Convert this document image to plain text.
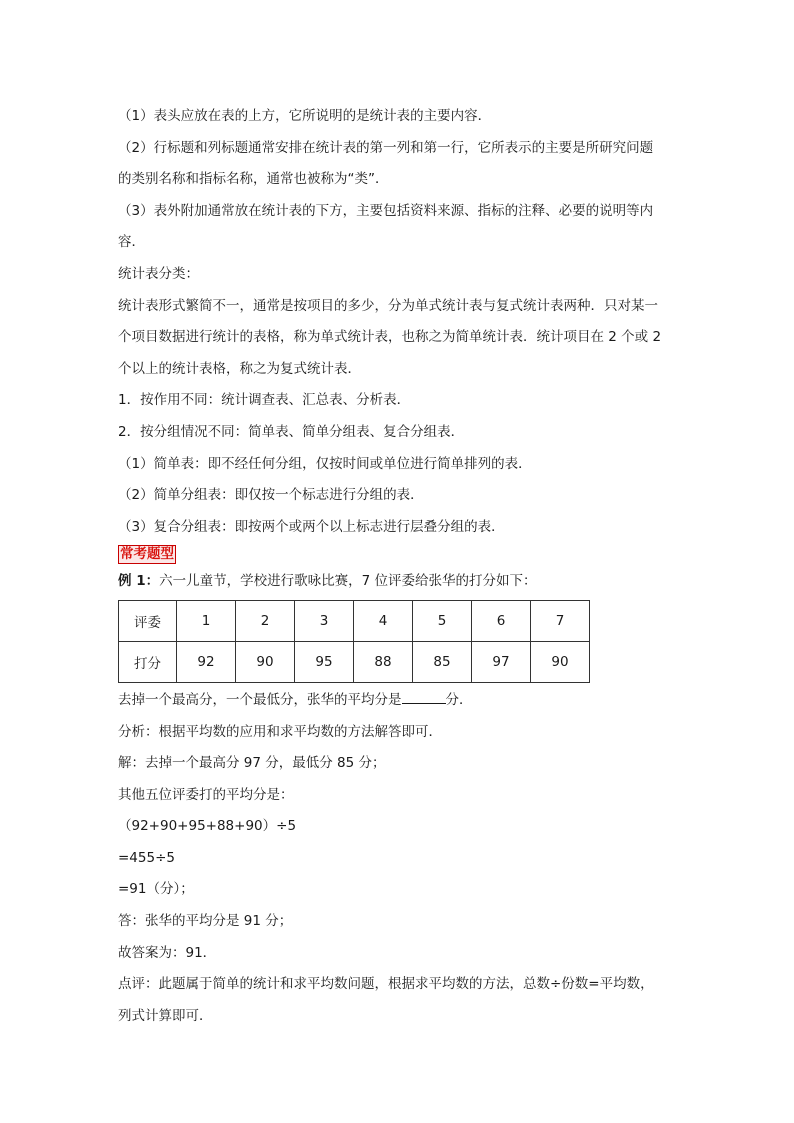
（1）表头应放在表的上方，它所说明的是统计表的主要内容．

（2）行标题和列标题通常安排在统计表的第一列和第一行，它所表示的主要是所研究问题

的类别名称和指标名称，通常也被称为“类”．

（3）表外附加通常放在统计表的下方，主要包括资料来源、指标的注释、必要的说明等内

容．

统计表分类：

统计表形式繁简不一，通常是按项目的多少，分为单式统计表与复式统计表两种．只对某一

个项目数据进行统计的表格，称为单式统计表，也称之为简单统计表．统计项目在 2 个或 2

个以上的统计表格，称之为复式统计表．

1．按作用不同：统计调查表、汇总表、分析表．

2．按分组情况不同：简单表、简单分组表、复合分组表．

（1）简单表：即不经任何分组，仅按时间或单位进行简单排列的表．

（2）简单分组表：即仅按一个标志进行分组的表．

（3）复合分组表：即按两个或两个以上标志进行层叠分组的表．

常考题型

例 1：六一儿童节，学校进行歌咏比赛，7 位评委给张华的打分如下：

评委	1	2	3	4	5	6	7
打分	92	90	95	88	85	97	90

去掉一个最高分，一个最低分，张华的平均分是	分．

分析：根据平均数的应用和求平均数的方法解答即可．

解：去掉一个最高分 97 分，最低分 85 分；

其他五位评委打的平均分是：

（92+90+95+88+90）÷5

=455÷5

=91（分）；

答：张华的平均分是 91 分；

故答案为：91．

点评：此题属于简单的统计和求平均数问题，根据求平均数的方法，总数÷份数=平均数，

列式计算即可．
